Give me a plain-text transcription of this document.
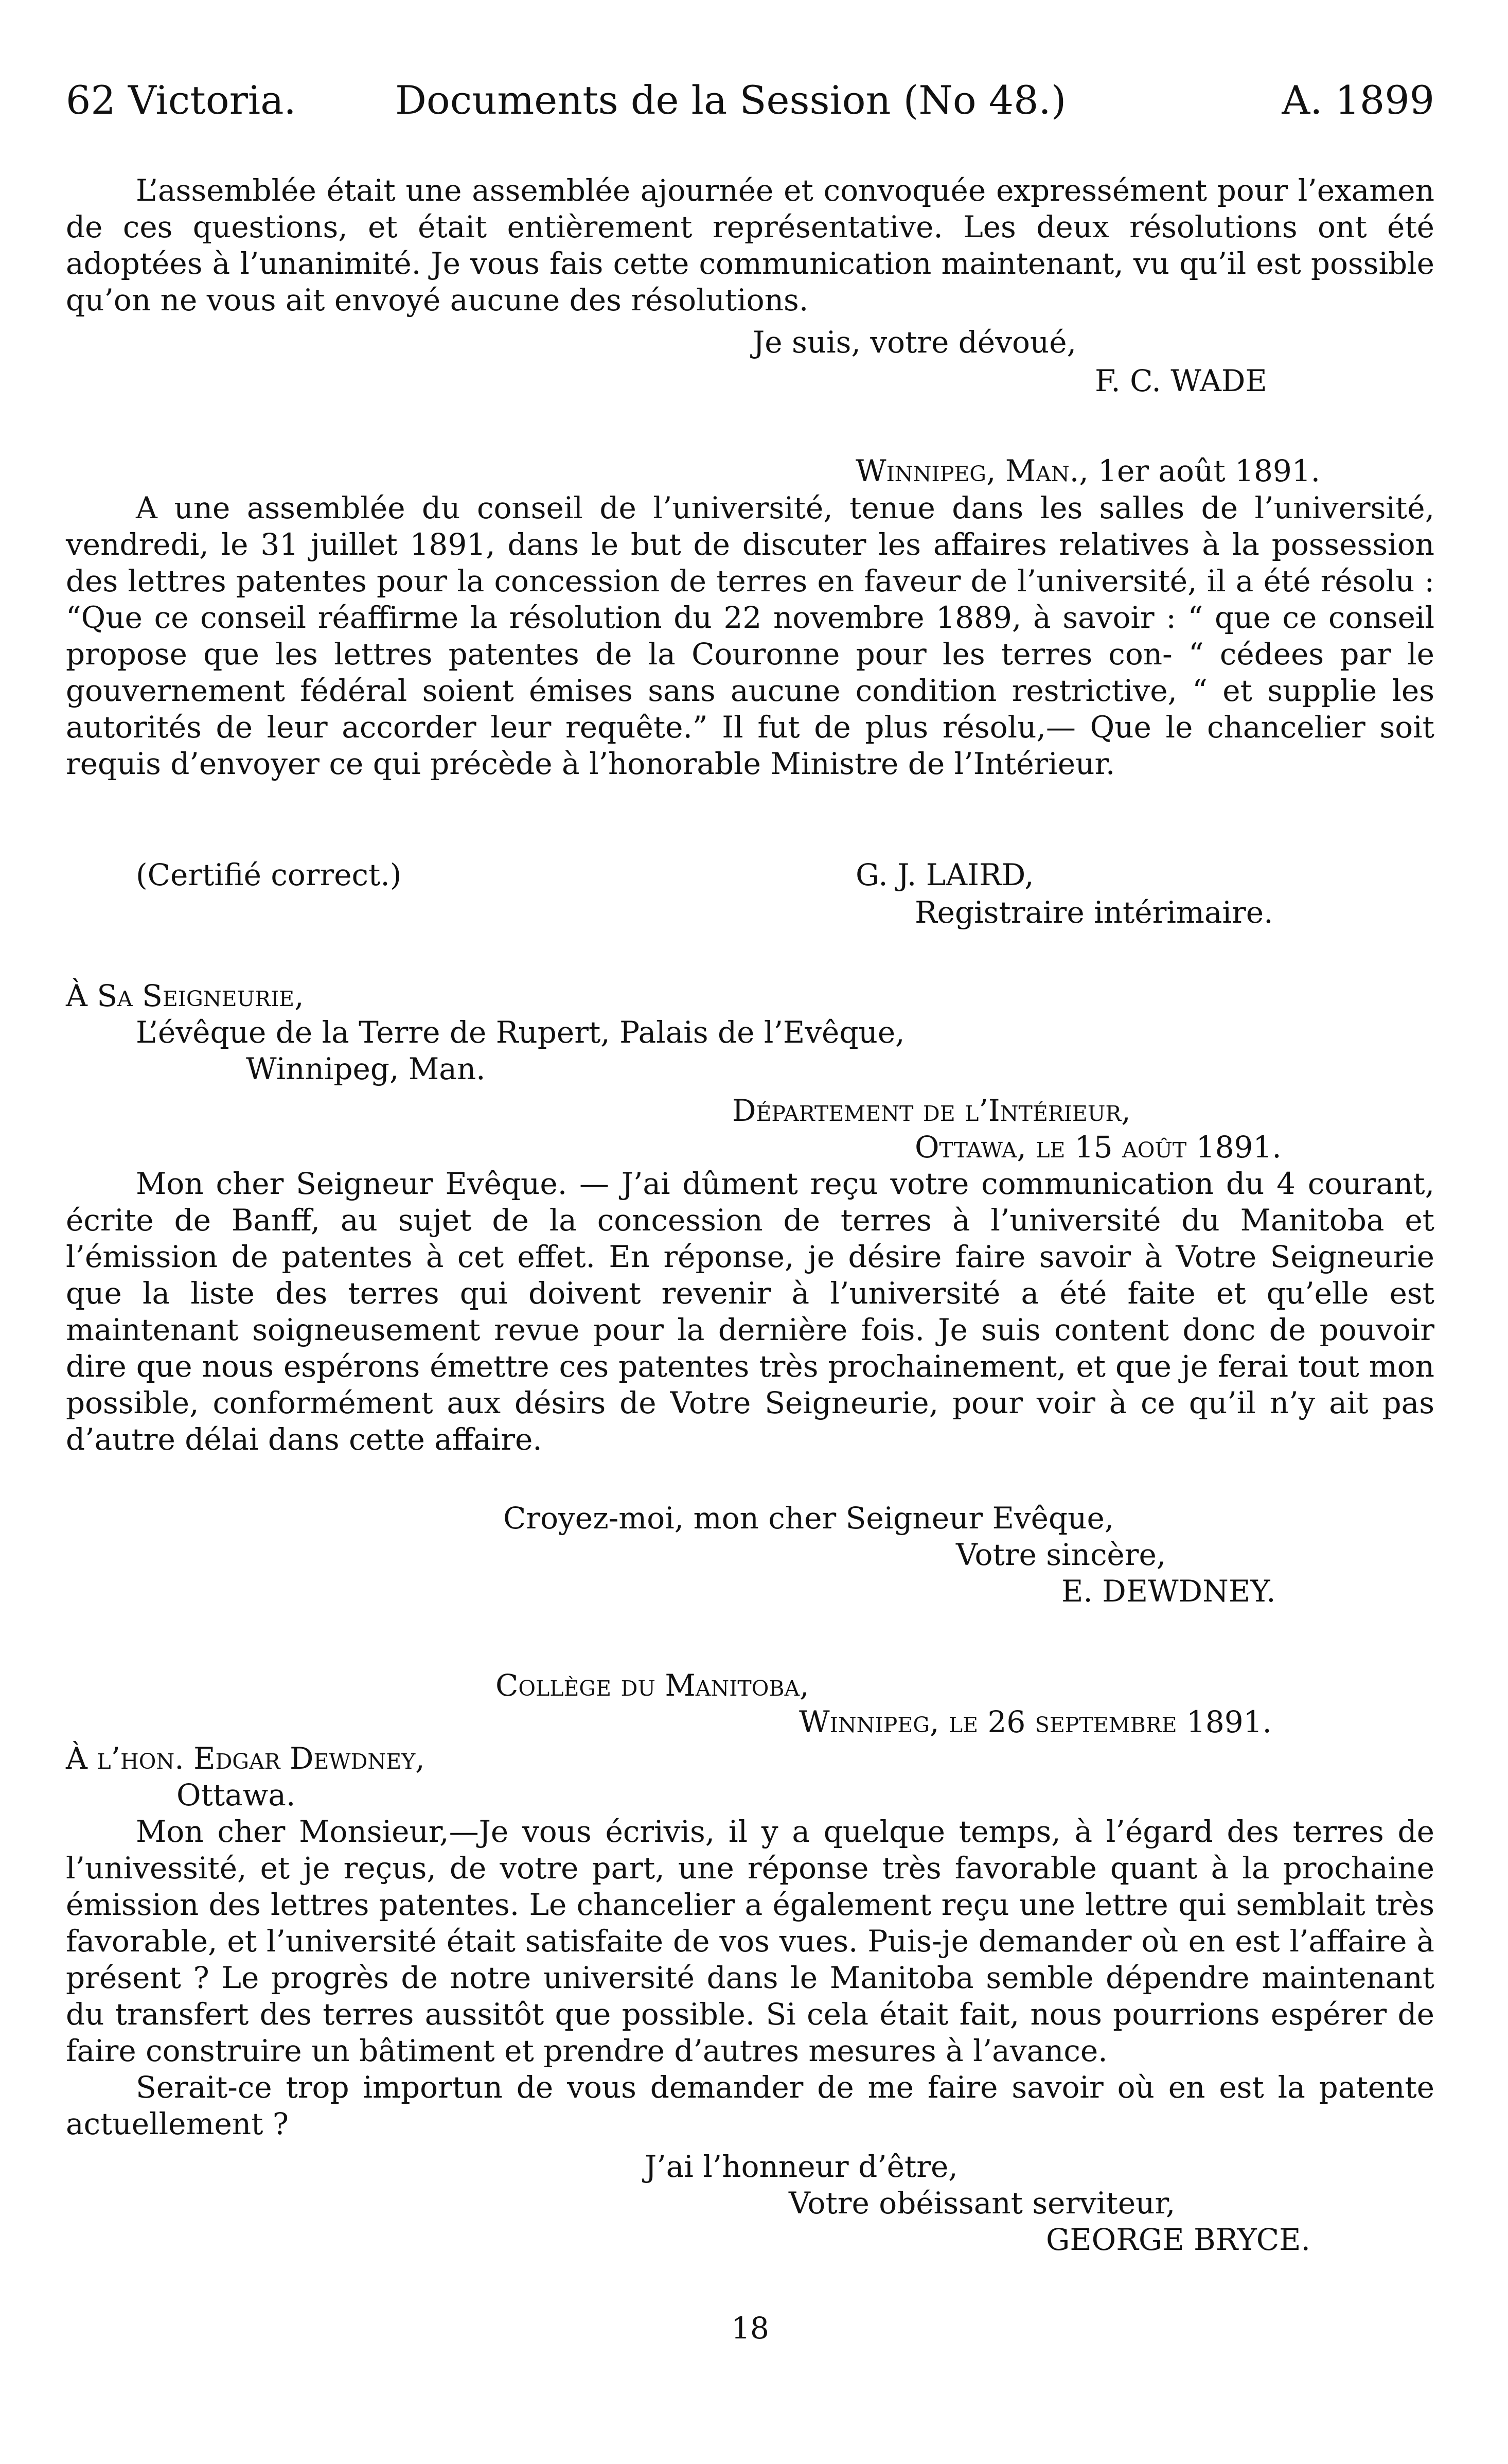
62 Victoria.	Documents de la Session (No 48.)	A. 1899

L’assemblée était une assemblée ajournée et convoquée expressément pour l’examen de ces questions, et était entièrement représentative. Les deux résolutions ont été adoptées à l’unanimité. Je vous fais cette communication maintenant, vu qu’il est possible qu’on ne vous ait envoyé aucune des résolutions.

Je suis, votre dévoué,
F. C. WADE
Winnipeg, Man., 1er août 1891.

A une assemblée du conseil de l’université, tenue dans les salles de l’université, vendredi, le 31 juillet 1891, dans le but de discuter les affaires relatives à la possession des lettres patentes pour la concession de terres en faveur de l’université, il a été résolu : “Que ce conseil réaffirme la résolution du 22 novembre 1889, à savoir : “ que ce conseil propose que les lettres patentes de la Couronne pour les terres con- “ cédees par le gouvernement fédéral soient émises sans aucune condition restrictive, “ et supplie les autorités de leur accorder leur requête.” Il fut de plus résolu,— Que le chancelier soit requis d’envoyer ce qui précède à l’honorable Ministre de l’Intérieur.

(Certifié correct.)	G. J. LAIRD,
Registraire intérimaire.
À Sa Seigneurie,
L’évêque de la Terre de Rupert, Palais de l’Evêque,
Winnipeg, Man.
Département de l’Intérieur,
Ottawa, le 15 août 1891.

Mon cher Seigneur Evêque. — J’ai dûment reçu votre communication du 4 courant, écrite de Banff, au sujet de la concession de terres à l’université du Manitoba et l’émission de patentes à cet effet. En réponse, je désire faire savoir à Votre Seigneurie que la liste des terres qui doivent revenir à l’université a été faite et qu’elle est maintenant soigneusement revue pour la dernière fois. Je suis content donc de pouvoir dire que nous espérons émettre ces patentes très prochainement, et que je ferai tout mon possible, conformément aux désirs de Votre Seigneurie, pour voir à ce qu’il n’y ait pas d’autre délai dans cette affaire.

Croyez-moi, mon cher Seigneur Evêque,
Votre sincère,
E. DEWDNEY.
Collège du Manitoba,
Winnipeg, le 26 septembre 1891.
À l’hon. Edgar Dewdney,
Ottawa.

Mon cher Monsieur,—Je vous écrivis, il y a quelque temps, à l’égard des terres de l’univessité, et je reçus, de votre part, une réponse très favorable quant à la prochaine émission des lettres patentes. Le chancelier a également reçu une lettre qui semblait très favorable, et l’université était satisfaite de vos vues. Puis-je demander où en est l’affaire à présent ? Le progrès de notre université dans le Manitoba semble dépendre maintenant du transfert des terres aussitôt que possible. Si cela était fait, nous pourrions espérer de faire construire un bâtiment et prendre d’autres mesures à l’avance.

Serait-ce trop importun de vous demander de me faire savoir où en est la patente actuellement ?

J’ai l’honneur d’être,
Votre obéissant serviteur,
GEORGE BRYCE.
18
